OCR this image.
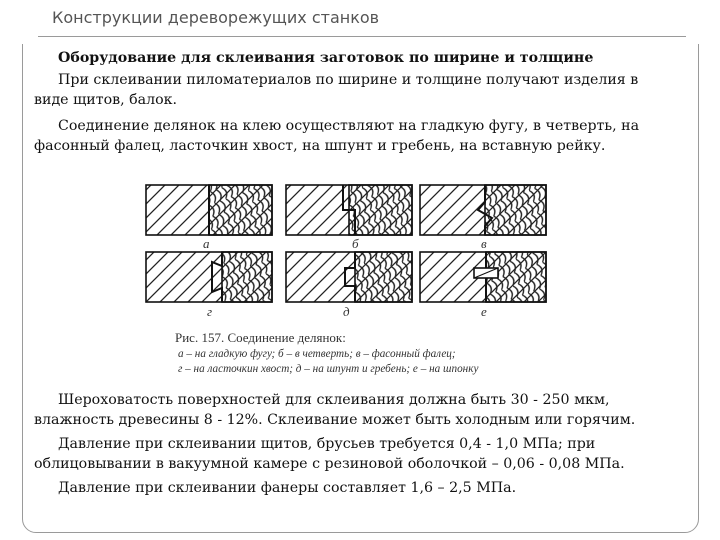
Конструкции дереворежущих станков
Оборудование для склеивания заготовок по ширине и толщине
При склеивании пиломатериалов по ширине и толщине получают изделия в
виде щитов, балок.
Соединение делянок на клею осуществляют на гладкую фугу, в четверть, на
фасонный фалец, ласточкин хвост, на шпунт и гребень, на вставную рейку.
а	б	в
г	д	е
Рис. 157. Соединение делянок:
а – на гладкую фугу; б – в четверть; в – фасонный фалец;
г – на ласточкин хвост; д – на шпунт и гребень; е – на шпонку
Шероховатость поверхностей для склеивания должна быть 30 - 250 мкм,
влажность древесины 8 - 12%. Склеивание может быть холодным или горячим.
Давление при склеивании щитов, брусьев требуется 0,4 - 1,0 МПа; при
облицовывании в вакуумной камере с резиновой оболочкой – 0,06 - 0,08 МПа.
Давление при склеивании фанеры составляет 1,6 – 2,5 МПа.
